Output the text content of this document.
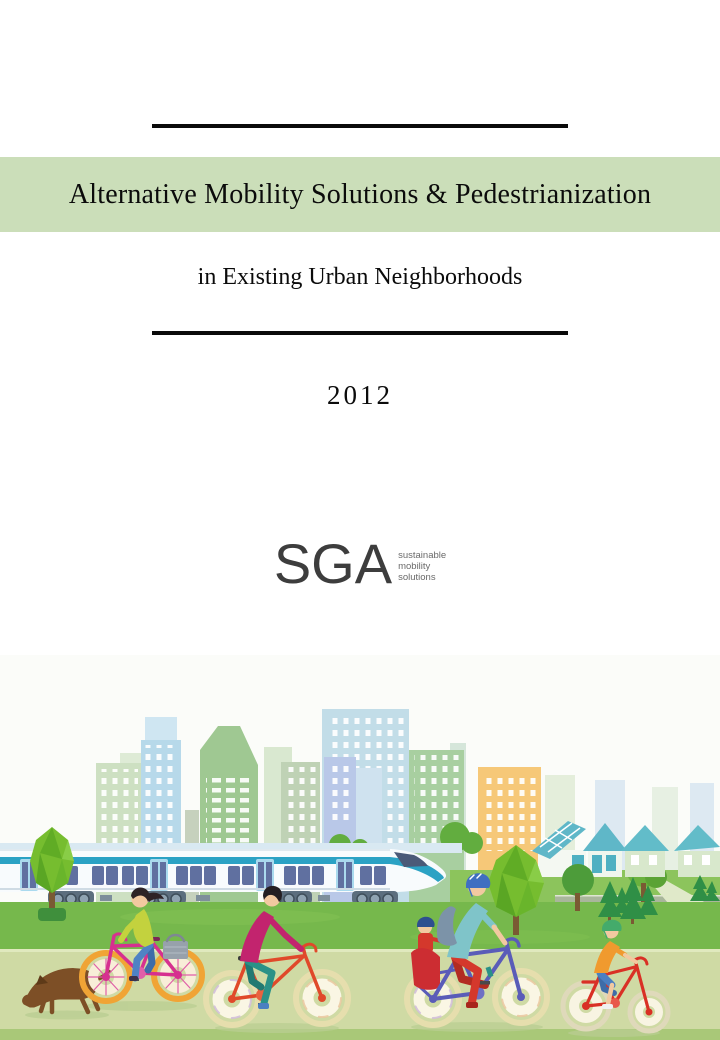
Alternative Mobility Solutions & Pedestrianization
in Existing Urban Neighborhoods
2012
SGA sustainable
mobility
solutions
